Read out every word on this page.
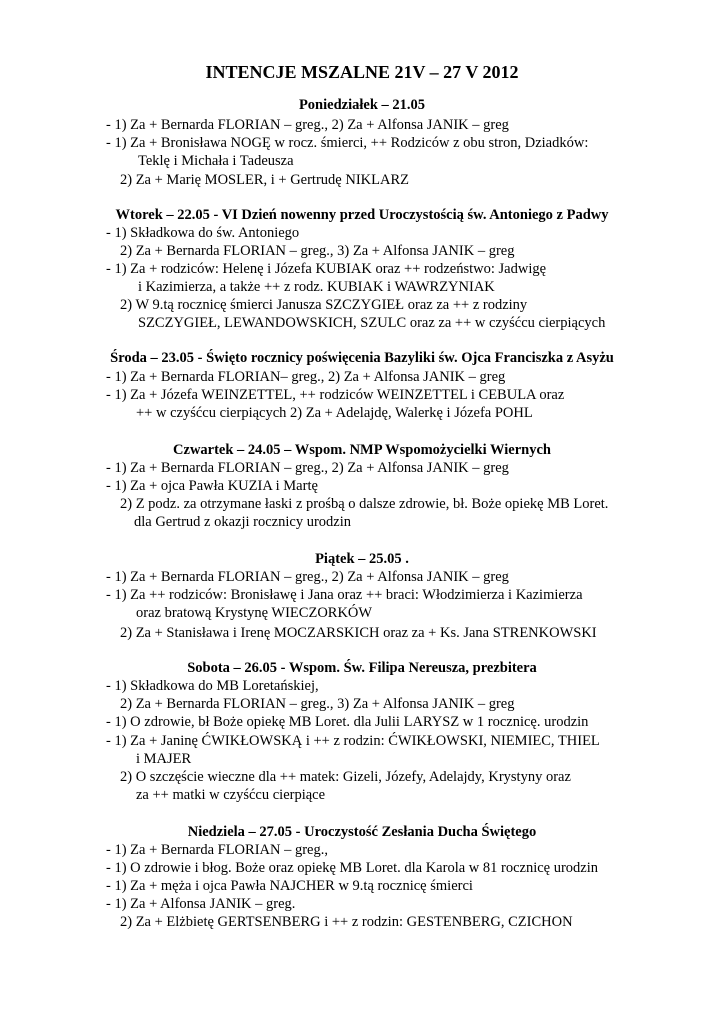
INTENCJE MSZALNE 21V – 27 V 2012
Poniedziałek – 21.05
- 1) Za + Bernarda FLORIAN – greg., 2) Za + Alfonsa JANIK – greg
- 1) Za + Bronisława NOGĘ w rocz. śmierci, ++ Rodziców z obu stron, Dziadków:
Teklę i Michała i Tadeusza
2) Za + Marię MOSLER, i + Gertrudę NIKLARZ
Wtorek – 22.05 - VI Dzień nowenny przed Uroczystością św. Antoniego z Padwy
- 1) Składkowa do św. Antoniego
2) Za + Bernarda FLORIAN – greg., 3) Za + Alfonsa JANIK – greg
- 1) Za + rodziców: Helenę i Józefa KUBIAK oraz ++ rodzeństwo: Jadwigę
i Kazimierza, a także ++ z rodz. KUBIAK i WAWRZYNIAK
2) W 9.tą rocznicę śmierci Janusza SZCZYGIEŁ oraz za ++ z rodziny
SZCZYGIEŁ, LEWANDOWSKICH, SZULC oraz za ++ w czyśćcu cierpiących
Środa – 23.05 - Święto rocznicy poświęcenia Bazyliki św. Ojca Franciszka z Asyżu
- 1) Za + Bernarda FLORIAN– greg., 2) Za + Alfonsa JANIK – greg
- 1) Za + Józefa WEINZETTEL, ++ rodziców WEINZETTEL i CEBULA oraz
++ w czyśćcu cierpiących 2) Za + Adelajdę, Walerkę i Józefa POHL
Czwartek – 24.05 – Wspom. NMP Wspomożycielki Wiernych
- 1) Za + Bernarda FLORIAN – greg., 2) Za + Alfonsa JANIK – greg
- 1) Za + ojca Pawła KUZIA i Martę
2) Z podz. za otrzymane łaski z prośbą o dalsze zdrowie, bł. Boże opiekę MB Loret.
dla Gertrud z okazji rocznicy urodzin
Piątek – 25.05 .
- 1) Za + Bernarda FLORIAN – greg., 2) Za + Alfonsa JANIK – greg
- 1) Za ++ rodziców: Bronisławę i Jana oraz ++ braci: Włodzimierza i Kazimierza
oraz bratową Krystynę WIECZORKÓW
2) Za + Stanisława i Irenę MOCZARSKICH oraz za + Ks. Jana STRENKOWSKI
Sobota – 26.05 - Wspom. Św. Filipa Nereusza, prezbitera
- 1) Składkowa do MB Loretańskiej,
2) Za + Bernarda FLORIAN – greg., 3) Za + Alfonsa JANIK – greg
- 1) O zdrowie, bł Boże opiekę MB Loret. dla Julii LARYSZ w 1 rocznicę. urodzin
- 1) Za + Janinę ĆWIKŁOWSKĄ i ++ z rodzin: ĆWIKŁOWSKI, NIEMIEC, THIEL
i MAJER
2) O szczęście wieczne dla ++ matek: Gizeli, Józefy, Adelajdy, Krystyny oraz
za ++ matki w czyśćcu cierpiące
Niedziela – 27.05 - Uroczystość Zesłania Ducha Świętego
- 1) Za + Bernarda FLORIAN – greg.,
- 1) O zdrowie i błog. Boże oraz opiekę MB Loret. dla Karola w 81 rocznicę urodzin
- 1) Za + męża i ojca Pawła NAJCHER w 9.tą rocznicę śmierci
- 1) Za + Alfonsa JANIK – greg.
2) Za + Elżbietę GERTSENBERG i ++ z rodzin: GESTENBERG, CZICHON
